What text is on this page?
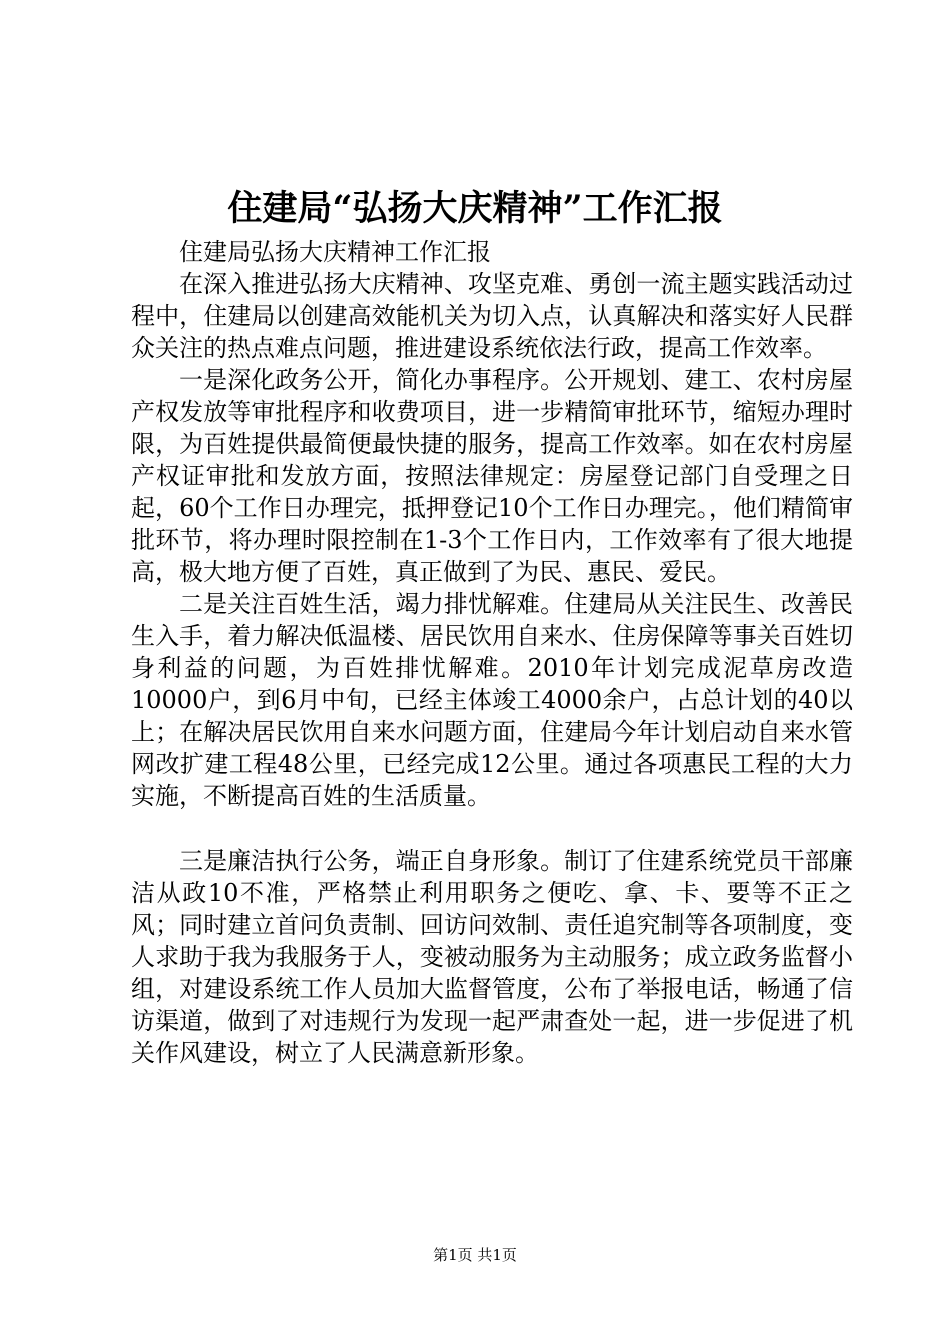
住建局“弘扬大庆精神”工作汇报

住建局弘扬大庆精神工作汇报

在深入推进弘扬大庆精神、攻坚克难、勇创一流主题实践活动过程中，住建局以创建高效能机关为切入点，认真解决和落实好人民群众关注的热点难点问题，推进建设系统依法行政，提高工作效率。

一是深化政务公开，简化办事程序。公开规划、建工、农村房屋产权发放等审批程序和收费项目，进一步精简审批环节，缩短办理时限，为百姓提供最简便最快捷的服务，提高工作效率。如在农村房屋产权证审批和发放方面，按照法律规定：房屋登记部门自受理之日起，60个工作日办理完，抵押登记10个工作日办理完。，他们精简审批环节，将办理时限控制在1-3个工作日内，工作效率有了很大地提高，极大地方便了百姓，真正做到了为民、惠民、爱民。

二是关注百姓生活，竭力排忧解难。住建局从关注民生、改善民生入手，着力解决低温楼、居民饮用自来水、住房保障等事关百姓切身利益的问题，为百姓排忧解难。2010年计划完成泥草房改造10000户，到6月中旬，已经主体竣工4000余户，占总计划的40以上；在解决居民饮用自来水问题方面，住建局今年计划启动自来水管网改扩建工程48公里，已经完成12公里。通过各项惠民工程的大力实施，不断提高百姓的生活质量。

三是廉洁执行公务，端正自身形象。制订了住建系统党员干部廉洁从政10不准，严格禁止利用职务之便吃、拿、卡、要等不正之风；同时建立首问负责制、回访问效制、责任追究制等各项制度，变人求助于我为我服务于人，变被动服务为主动服务；成立政务监督小组，对建设系统工作人员加大监督管度，公布了举报电话，畅通了信访渠道，做到了对违规行为发现一起严肃查处一起，进一步促进了机关作风建设，树立了人民满意新形象。

第1页 共1页
